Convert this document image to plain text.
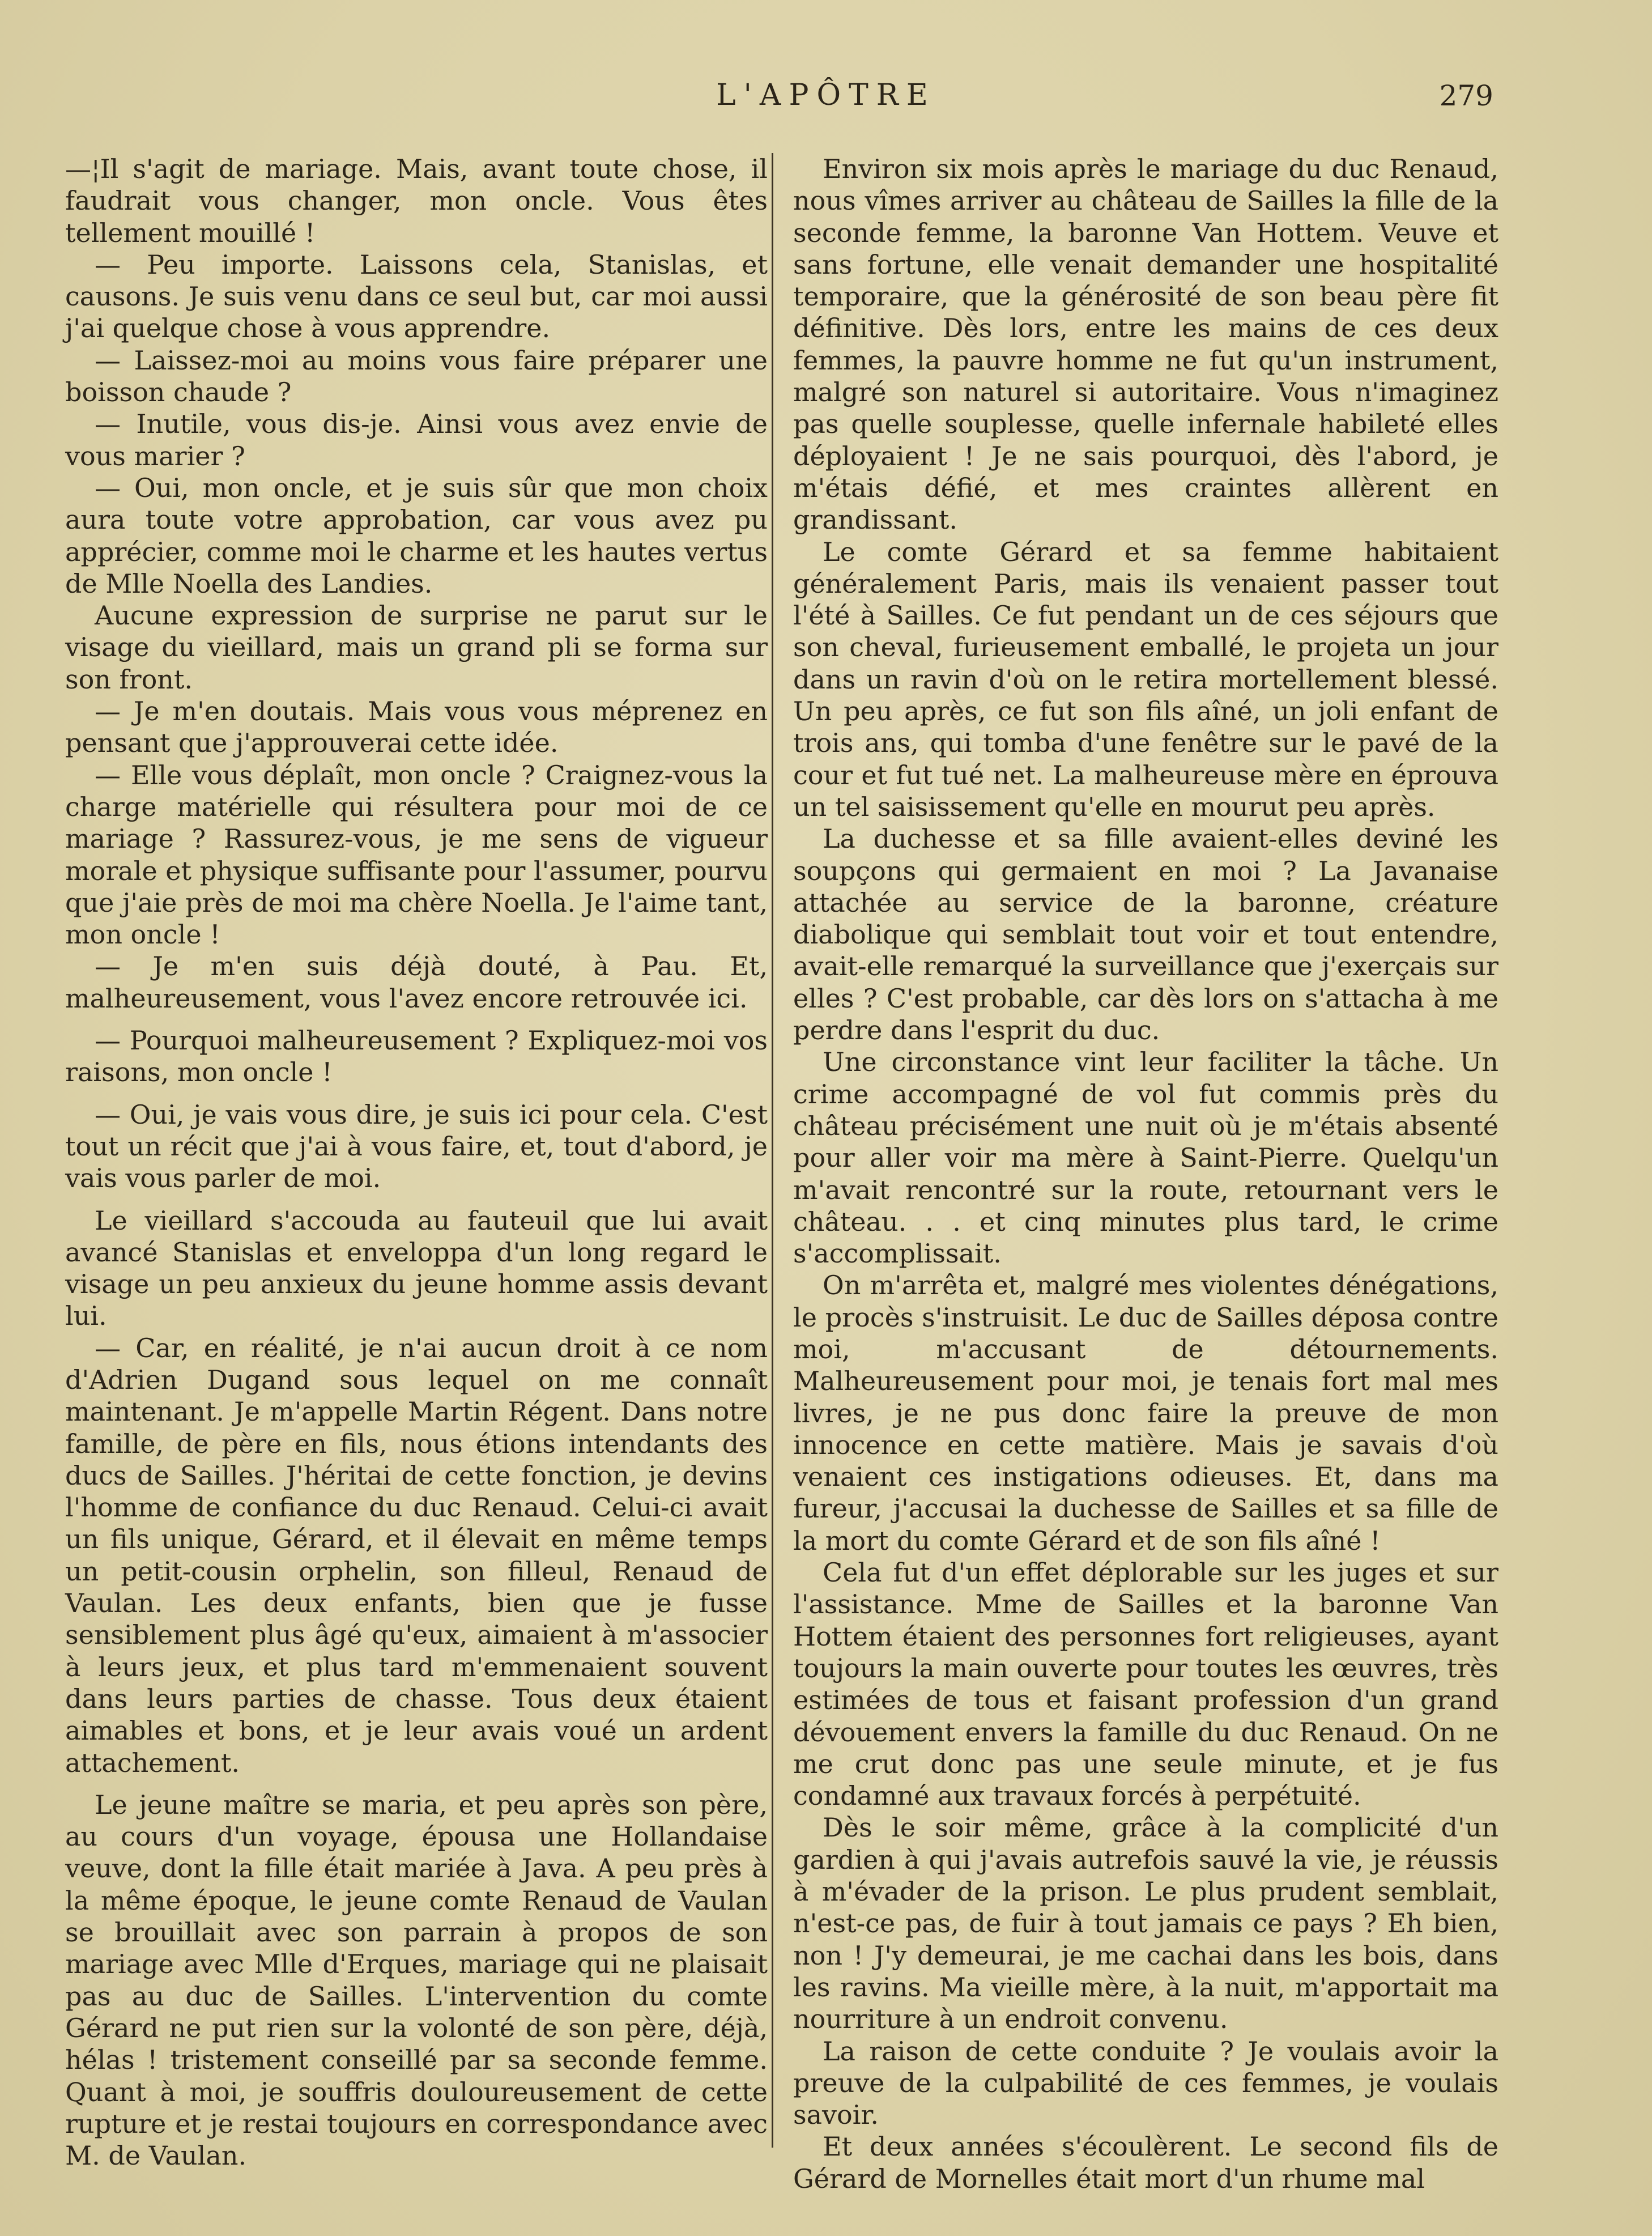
L'APÔTRE	279

—¦Il s'agit de mariage. Mais, avant toute chose, il faudrait vous changer, mon oncle. Vous êtes tellement mouillé !

— Peu importe. Laissons cela, Stanislas, et causons. Je suis venu dans ce seul but, car moi aussi j'ai quelque chose à vous apprendre.

— Laissez-moi au moins vous faire préparer une boisson chaude ?

— Inutile, vous dis-je. Ainsi vous avez envie de vous marier ?

— Oui, mon oncle, et je suis sûr que mon choix aura toute votre approbation, car vous avez pu apprécier, comme moi le charme et les hautes vertus de Mlle Noella des Landies.

Aucune expression de surprise ne parut sur le visage du vieillard, mais un grand pli se forma sur son front.

— Je m'en doutais. Mais vous vous méprenez en pensant que j'approuverai cette idée.

— Elle vous déplaît, mon oncle ? Craignez-vous la charge matérielle qui résultera pour moi de ce mariage ? Rassurez-vous, je me sens de vigueur morale et physique suffisante pour l'assumer, pourvu que j'aie près de moi ma chère Noella. Je l'aime tant, mon oncle !

— Je m'en suis déjà douté, à Pau. Et, malheureusement, vous l'avez encore retrouvée ici.

— Pourquoi malheureusement ? Expliquez-moi vos raisons, mon oncle !

— Oui, je vais vous dire, je suis ici pour cela. C'est tout un récit que j'ai à vous faire, et, tout d'abord, je vais vous parler de moi.

Le vieillard s'accouda au fauteuil que lui avait avancé Stanislas et enveloppa d'un long regard le visage un peu anxieux du jeune homme assis devant lui.

— Car, en réalité, je n'ai aucun droit à ce nom d'Adrien Dugand sous lequel on me connaît maintenant. Je m'appelle Martin Régent. Dans notre famille, de père en fils, nous étions intendants des ducs de Sailles. J'héritai de cette fonction, je devins l'homme de confiance du duc Renaud. Celui-ci avait un fils unique, Gérard, et il élevait en même temps un petit-cousin orphelin, son filleul, Renaud de Vaulan. Les deux enfants, bien que je fusse sensiblement plus âgé qu'eux, aimaient à m'associer à leurs jeux, et plus tard m'emmenaient souvent dans leurs parties de chasse. Tous deux étaient aimables et bons, et je leur avais voué un ardent attachement.

Le jeune maître se maria, et peu après son père, au cours d'un voyage, épousa une Hollandaise veuve, dont la fille était mariée à Java. A peu près à la même époque, le jeune comte Renaud de Vaulan se brouillait avec son parrain à propos de son mariage avec Mlle d'Erques, mariage qui ne plaisait pas au duc de Sailles. L'intervention du comte Gérard ne put rien sur la volonté de son père, déjà, hélas ! tristement conseillé par sa seconde femme. Quant à moi, je souffris douloureusement de cette rupture et je restai toujours en correspondance avec M. de Vaulan.

Environ six mois après le mariage du duc Renaud, nous vîmes arriver au château de Sailles la fille de la seconde femme, la baronne Van Hottem. Veuve et sans fortune, elle venait demander une hospitalité temporaire, que la générosité de son beau père fit définitive. Dès lors, entre les mains de ces deux femmes, la pauvre homme ne fut qu'un instrument, malgré son naturel si autoritaire. Vous n'imaginez pas quelle souplesse, quelle infernale habileté elles déployaient ! Je ne sais pourquoi, dès l'abord, je m'étais défié, et mes craintes allèrent en grandissant.

Le comte Gérard et sa femme habitaient généralement Paris, mais ils venaient passer tout l'été à Sailles. Ce fut pendant un de ces séjours que son cheval, furieusement emballé, le projeta un jour dans un ravin d'où on le retira mortellement blessé. Un peu après, ce fut son fils aîné, un joli enfant de trois ans, qui tomba d'une fenêtre sur le pavé de la cour et fut tué net. La malheureuse mère en éprouva un tel saisissement qu'elle en mourut peu après.

La duchesse et sa fille avaient-elles deviné les soupçons qui germaient en moi ? La Javanaise attachée au service de la baronne, créature diabolique qui semblait tout voir et tout entendre, avait-elle remarqué la surveillance que j'exerçais sur elles ? C'est probable, car dès lors on s'attacha à me perdre dans l'esprit du duc.

Une circonstance vint leur faciliter la tâche. Un crime accompagné de vol fut commis près du château précisément une nuit où je m'étais absenté pour aller voir ma mère à Saint-Pierre. Quelqu'un m'avait rencontré sur la route, retournant vers le château. . . et cinq minutes plus tard, le crime s'accomplissait.

On m'arrêta et, malgré mes violentes dénégations, le procès s'instruisit. Le duc de Sailles déposa contre moi, m'accusant de détournements. Malheureusement pour moi, je tenais fort mal mes livres, je ne pus donc faire la preuve de mon innocence en cette matière. Mais je savais d'où venaient ces instigations odieuses. Et, dans ma fureur, j'accusai la duchesse de Sailles et sa fille de la mort du comte Gérard et de son fils aîné !

Cela fut d'un effet déplorable sur les juges et sur l'assistance. Mme de Sailles et la baronne Van Hottem étaient des personnes fort religieuses, ayant toujours la main ouverte pour toutes les œuvres, très estimées de tous et faisant profession d'un grand dévouement envers la famille du duc Renaud. On ne me crut donc pas une seule minute, et je fus condamné aux travaux forcés à perpétuité.

Dès le soir même, grâce à la complicité d'un gardien à qui j'avais autrefois sauvé la vie, je réussis à m'évader de la prison. Le plus prudent semblait, n'est-ce pas, de fuir à tout jamais ce pays ? Eh bien, non ! J'y demeurai, je me cachai dans les bois, dans les ravins. Ma vieille mère, à la nuit, m'apportait ma nourriture à un endroit convenu.

La raison de cette conduite ? Je voulais avoir la preuve de la culpabilité de ces femmes, je voulais savoir.

Et deux années s'écoulèrent. Le second fils de Gérard de Mornelles était mort d'un rhume mal
